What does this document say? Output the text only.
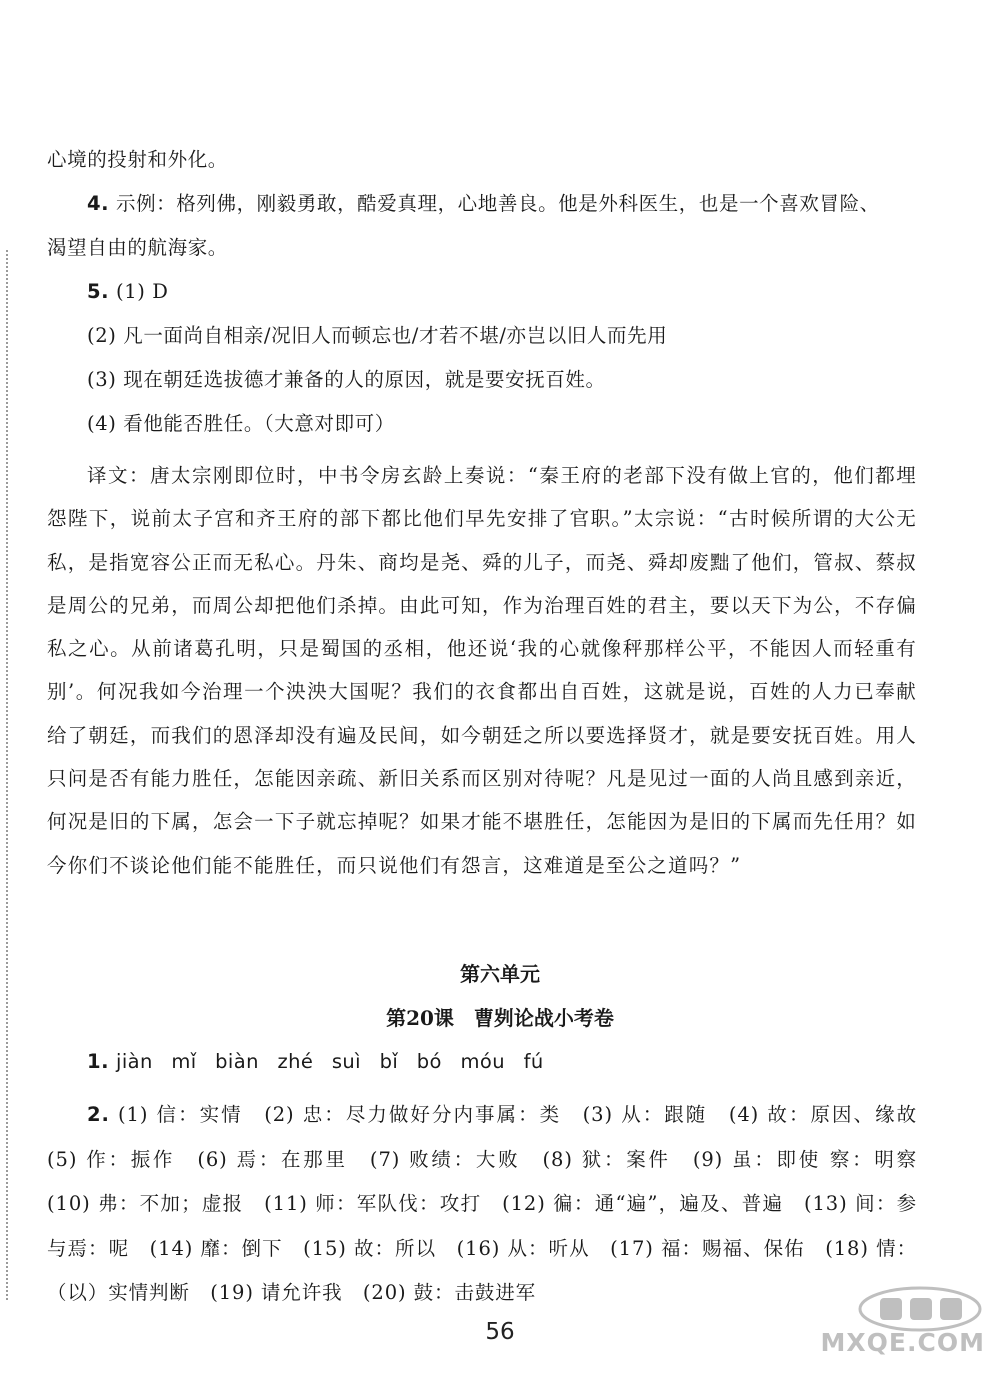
心境的投射和外化。
4. 示例：格列佛，刚毅勇敢，酷爱真理，心地善良。他是外科医生，也是一个喜欢冒险、
渴望自由的航海家。
5. (1) D
(2) 凡一面尚自相亲/况旧人而顿忘也/才若不堪/亦岂以旧人而先用
(3) 现在朝廷选拔德才兼备的人的原因，就是要安抚百姓。
(4) 看他能否胜任。（大意对即可）
译文：唐太宗刚即位时，中书令房玄龄上奏说：“秦王府的老部下没有做上官的，他们都埋怨陛下，说前太子宫和齐王府的部下都比他们早先安排了官职。”太宗说：“古时候所谓的大公无私，是指宽容公正而无私心。丹朱、商均是尧、舜的儿子，而尧、舜却废黜了他们，管叔、蔡叔是周公的兄弟，而周公却把他们杀掉。由此可知，作为治理百姓的君主，要以天下为公，不存偏私之心。从前诸葛孔明，只是蜀国的丞相，他还说‘我的心就像秤那样公平，不能因人而轻重有别’。何况我如今治理一个泱泱大国呢？我们的衣食都出自百姓，这就是说，百姓的人力已奉献给了朝廷，而我们的恩泽却没有遍及民间，如今朝廷之所以要选择贤才，就是要安抚百姓。用人只问是否有能力胜任，怎能因亲疏、新旧关系而区别对待呢？凡是见过一面的人尚且感到亲近，何况是旧的下属，怎会一下子就忘掉呢？如果才能不堪胜任，怎能因为是旧的下属而先任用？如今你们不谈论他们能不能胜任，而只说他们有怨言，这难道是至公之道吗？”
第六单元
第20课　曹刿论战小考卷
1. jiàn mǐ biàn zhé suì bǐ bó móu fú
2. (1) 信：实情　(2) 忠：尽力做好分内事属：类　(3) 从：跟随　(4) 故：原因、缘故　(5) 作：振作　(6) 焉：在那里　(7) 败绩：大败　(8) 狱：案件　(9) 虽：即使 察：明察　(10) 弗：不加；虚报　(11) 师：军队伐：攻打　(12) 徧：通“遍”，遍及、普遍　(13) 间：参与焉：呢　(14) 靡：倒下　(15) 故：所以　(16) 从：听从　(17) 福：赐福、保佑　(18) 情：（以）实情判断　(19) 请允许我　(20) 鼓：击鼓进军
56	MXQE.COM
